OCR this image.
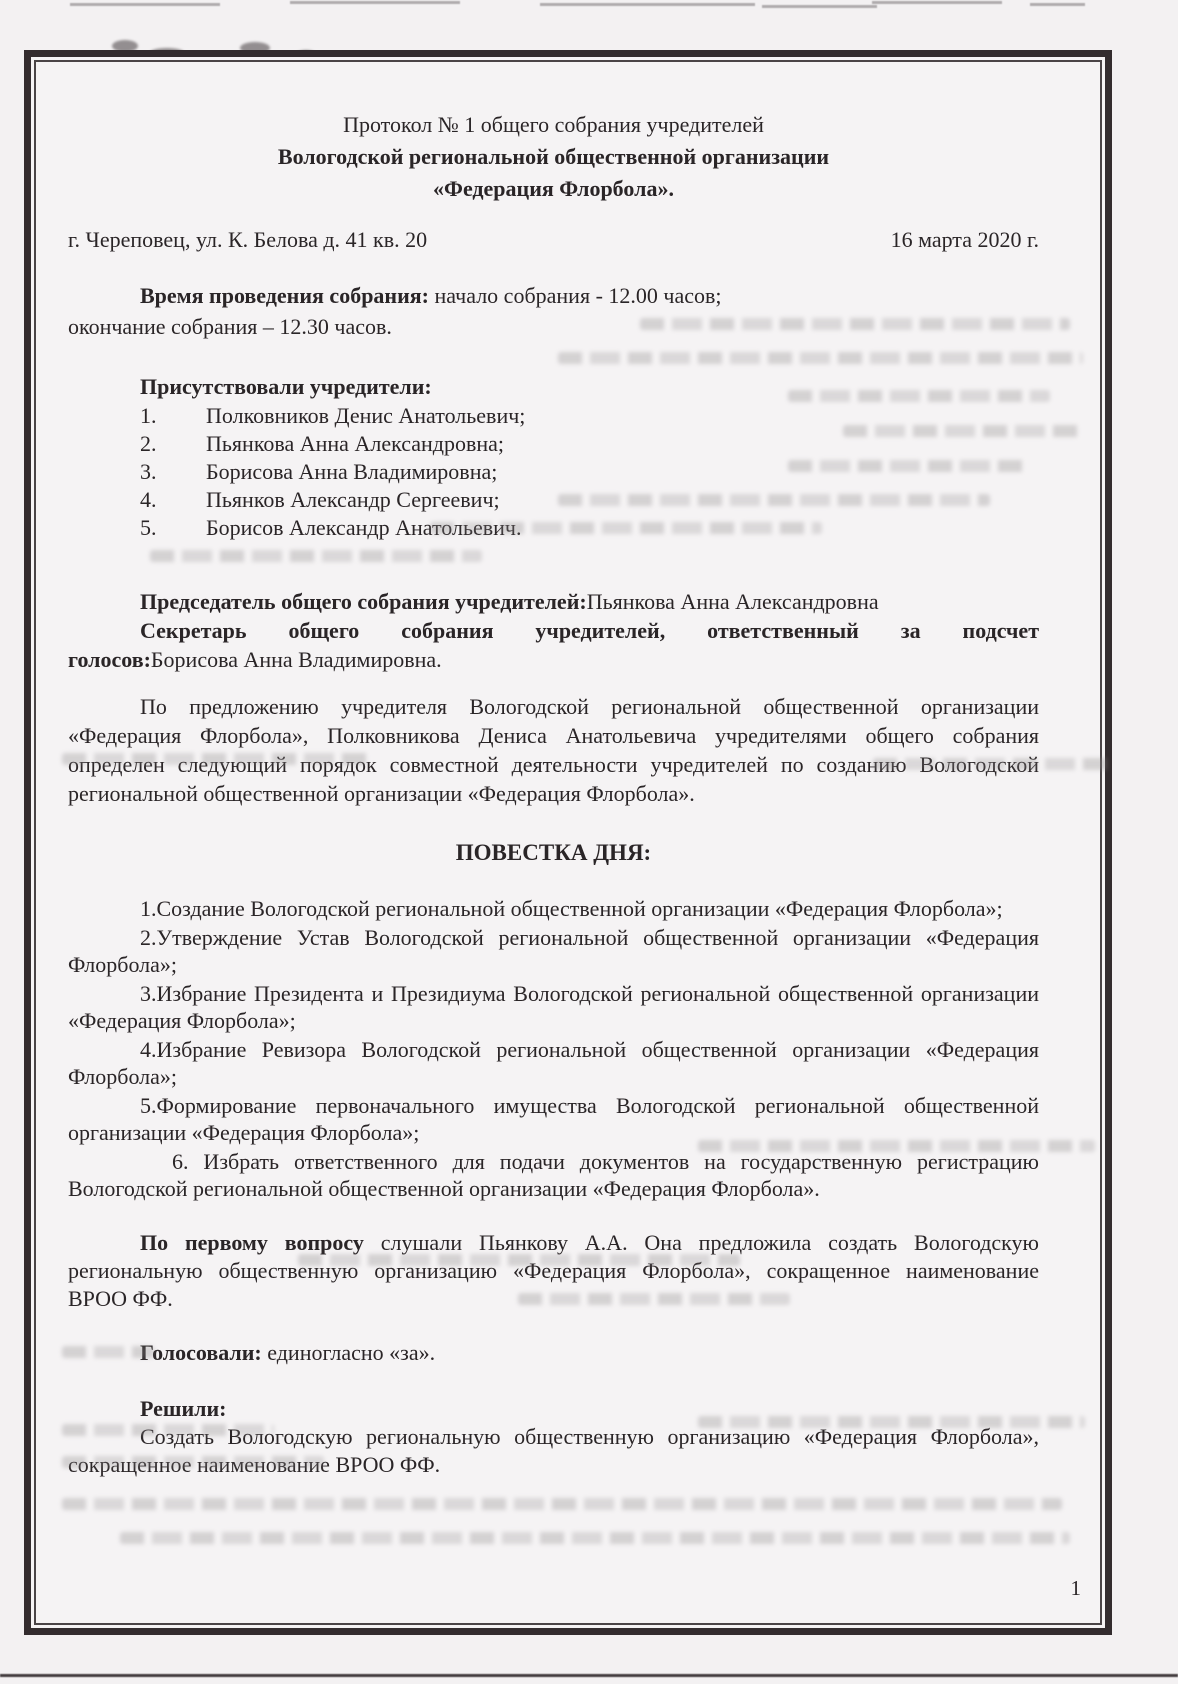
Протокол № 1 общего собрания учредителей
Вологодской региональной общественной организации
«Федерация Флорбола».
г. Череповец, ул. К. Белова д. 41 кв. 20	16 марта 2020 г.
Время проведения собрания: начало собрания - 12.00 часов;
окончание собрания – 12.30 часов.
Присутствовали учредители:
1.	Полковников Денис Анатольевич;
2.	Пьянкова Анна Александровна;
3.	Борисова Анна Владимировна;
4.	Пьянков Александр Сергеевич;
5.	Борисов Александр Анатольевич.
Председатель общего собрания учредителей:Пьянкова Анна Александровна
Секретарь общего собрания учредителей, ответственный за подсчет
голосов:Борисова Анна Владимировна.
По предложению учредителя Вологодской региональной общественной организации «Федерация Флорбола», Полковникова Дениса Анатольевича учредителями общего собрания определен следующий порядок совместной деятельности учредителей по созданию Вологодской региональной общественной организации «Федерация Флорбола».
ПОВЕСТКА ДНЯ:
1.Создание Вологодской региональной общественной организации «Федерация Флорбола»;
2.Утверждение Устав Вологодской региональной общественной организации «Федерация Флорбола»;
3.Избрание Президента и Президиума Вологодской региональной общественной организации «Федерация Флорбола»;
4.Избрание Ревизора Вологодской региональной общественной организации «Федерация Флорбола»;
5.Формирование первоначального имущества Вологодской региональной общественной организации «Федерация Флорбола»;
6. Избрать ответственного для подачи документов на государственную регистрацию Вологодской региональной общественной организации «Федерация Флорбола».
По первому вопросу слушали Пьянкову А.А. Она предложила создать Вологодскую региональную общественную организацию «Федерация Флорбола», сокращенное наименование ВРОО ФФ.
Голосовали: единогласно «за».
Решили:
Создать Вологодскую региональную общественную организацию «Федерация Флорбола», сокращенное наименование ВРОО ФФ.
1
